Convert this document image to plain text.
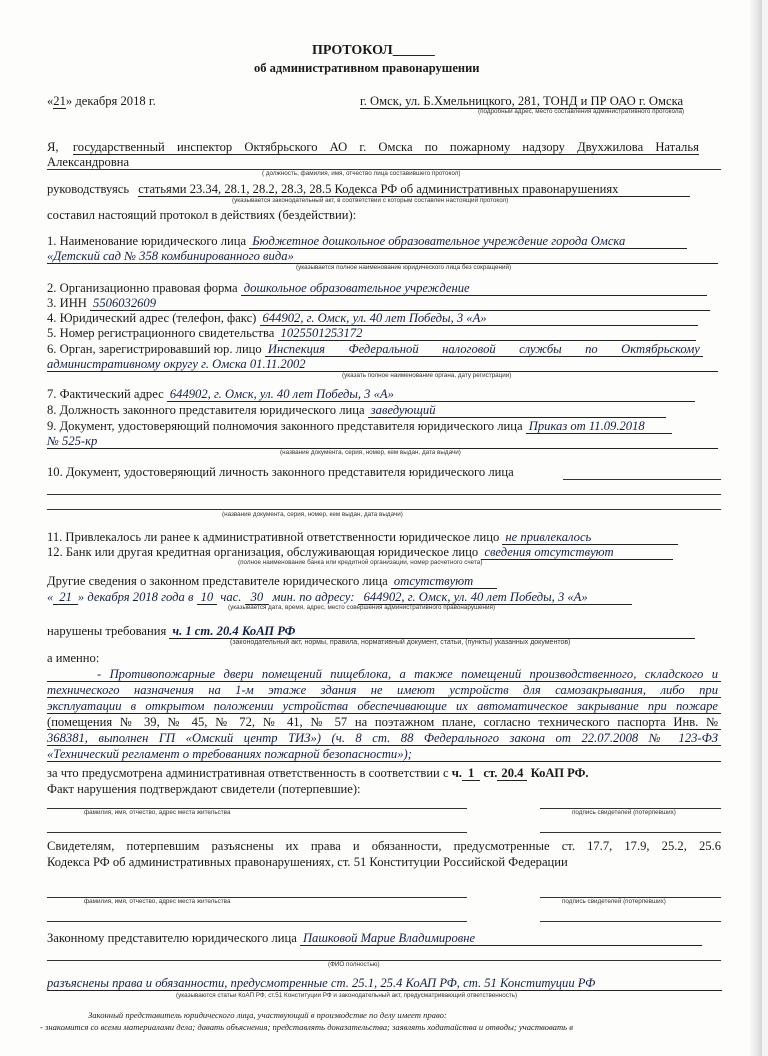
ПРОТОКОЛ______
об административном правонарушении
«21» декабря 2018 г.	г. Омск, ул. Б.Хмельницкого, 281, ТОНД и ПР ОАО г. Омска
(подробный адрес, место составления административного протокола)
Я, государственный инспектор Октябрьского АО г. Омска по пожарному надзору Двухжилова Наталья
Александровна
( должность, фамилия, имя, отчество лица составившего протокол)
руководствуясь статьями 23.34, 28.1, 28.2, 28.3, 28.5 Кодекса РФ об административных правонарушениях
(указывается законодательный акт, в соответствии с которым составлен настоящий протокол)
составил настоящий протокол в действиях (бездействии):
1. Наименование юридического лица Бюджетное дошкольное образовательное учреждение города Омска
«Детский сад № 358 комбинированного вида»
(указывается полное наименование юридического лица без сокращений)
2. Организационно правовая форма дошкольное образовательное учреждение
3. ИНН 5506032609
4. Юридический адрес (телефон, факс) 644902, г. Омск, ул. 40 лет Победы, 3 «А»
5. Номер регистрационного свидетельства 1025501253172
6. Орган, зарегистрировавший юр. лицо Инспекция Федеральной налоговой службы по Октябрьскому
административному округу г. Омска 01.11.2002
(указать полное наименование органа, дату регистрации)
7. Фактический адрес 644902, г. Омск, ул. 40 лет Победы, 3 «А»
8. Должность законного представителя юридического лица заведующий
9. Документ, удостоверяющий полномочия законного представителя юридического лица Приказ от 11.09.2018
№ 525-кр
(название документа, серия, номер, кем выдан, дата выдачи)
10. Документ, удостоверяющий личность законного представителя юридического лица
(название документа, серия, номер, кем выдан, дата выдачи)
11. Привлекалось ли ранее к административной ответственности юридическое лицо не привлекалось
12. Банк или другая кредитная организация, обслуживающая юридическое лицо сведения отсутствуют
(полное наименование банка или кредитной организации, номер расчетного счета)
Другие сведения о законном представителе юридического лица отсутствуют
« 21 » декабря 2018 года в 10 час. 30 мин. по адресу: 644902, г. Омск, ул. 40 лет Победы, 3 «А»
(указывается дата, время, адрес, место совершения административного правонарушения)
нарушены требования ч. 1 ст. 20.4 КоАП РФ
(законодательный акт, нормы, правила, нормативный документ, статьи, (пункты) указанных документов)
а именно:
- Противопожарные двери помещений пищеблока, а также помещений производственного, складского и
технического назначения на 1-м этаже здания не имеют устройств для самозакрывания, либо при
эксплуатации в открытом положении устройства обеспечивающие их автоматическое закрывание при пожаре
(помещения № 39, № 45, № 72, № 41, № 57 на поэтажном плане, согласно технического паспорта Инв. №
368381, выполнен ГП «Омский центр ТИЗ») (ч. 8 ст. 88 Федерального закона от 22.07.2008 № 123-ФЗ
«Технический регламент о требованиях пожарной безопасности»);
за что предусмотрена административная ответственность в соответствии с ч. 1 ст. 20.4 КоАП РФ.
Факт нарушения подтверждают свидетели (потерпевшие):
фамилия, имя, отчество, адрес места жительства	подпись свидетелей (потерпевших)
Свидетелям, потерпевшим разъяснены их права и обязанности, предусмотренные ст. 17.7, 17.9, 25.2, 25.6
Кодекса РФ об административных правонарушениях, ст. 51 Конституции Российской Федерации
фамилия, имя, отчество, адрес места жительства	подпись свидетелей (потерпевших)
Законному представителю юридического лица Пашковой Марие Владимировне
(ФИО полностью)
разъяснены права и обязанности, предусмотренные ст. 25.1, 25.4 КоАП РФ, ст. 51 Конституции РФ
(указываются статьи КоАП РФ, ст.51 Конституции РФ и законодательный акт, предусматривающий ответственность)
Законный представитель юридического лица, участвующий в производстве по делу имеет право:
- знакомится со всеми материалами дела; давать объяснения; представлять доказательства; заявлять ходатайства и отводы; участвовать в
